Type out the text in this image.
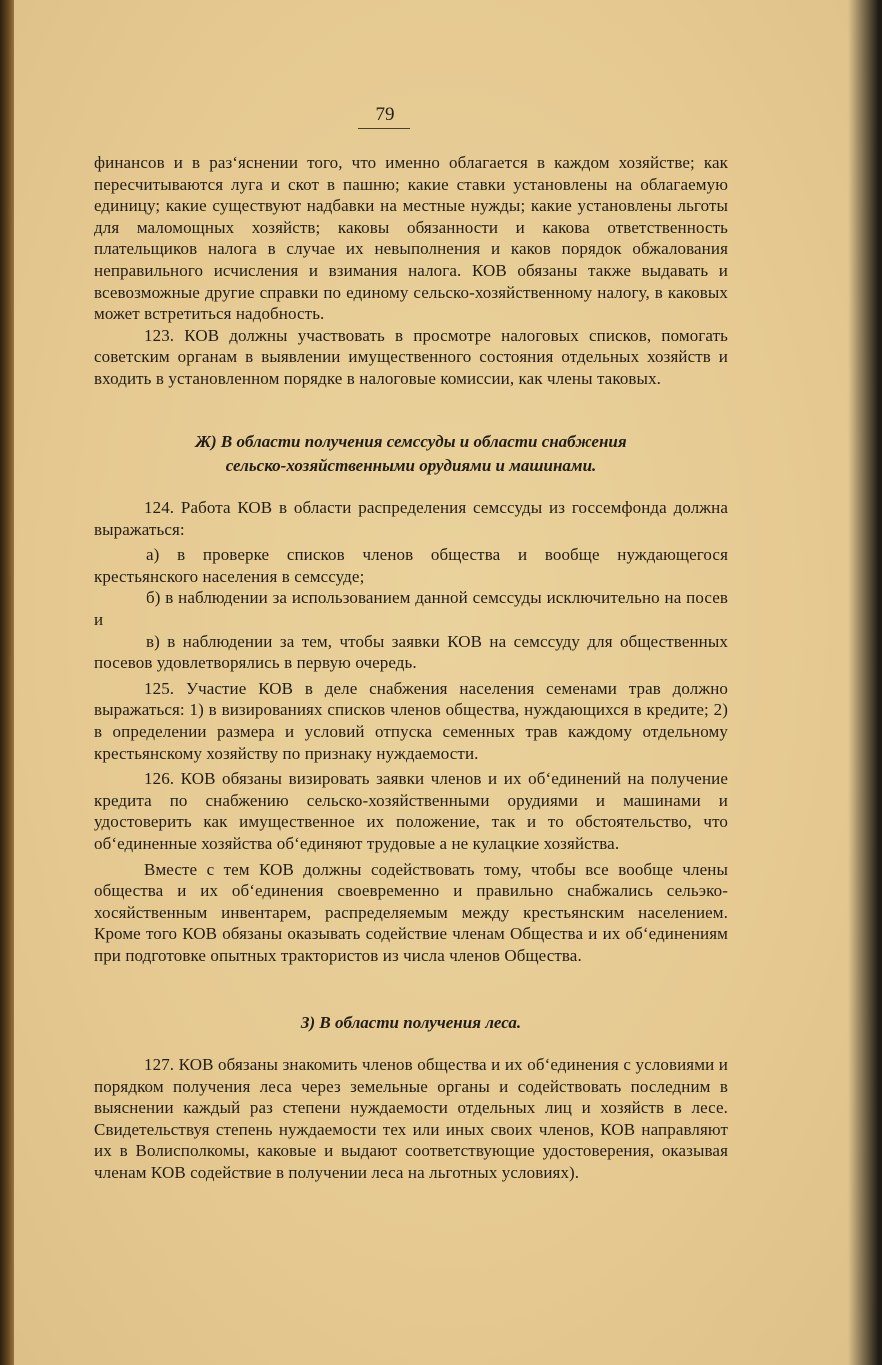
79

финансов и в раз‘яснении того, что именно облагается в каждом хозяйстве; как пересчитываются луга и скот в пашню; какие ставки установлены на облагаемую единицу; какие существуют надбавки на местные нужды; какие установлены льготы для маломощных хозяйств; каковы обязанности и какова ответственность плательщиков налога в случае их невыполнения и каков порядок обжалования неправильного исчисления и взимания налога. КОВ обязаны также выдавать и всевозможные другие справки по единому сельско-хозяйственному налогу, в каковых может встретиться надобность.

123. КОВ должны участвовать в просмотре налоговых списков, помогать советским органам в выявлении имущественного состояния отдельных хозяйств и входить в установленном порядке в налоговые комиссии, как члены таковых.

Ж) В области получения семссуды и области снабжения
сельско-хозяйственными орудиями и машинами.

124. Работа КОВ в области распределения семссуды из госсемфонда должна выражаться:

а) в проверке списков членов общества и вообще нуждающегося крестьянского населения в семссуде;

б) в наблюдении за использованием данной семссуды исключительно на посев и

в) в наблюдении за тем, чтобы заявки КОВ на семссуду для общественных посевов удовлетворялись в первую очередь.

125. Участие КОВ в деле снабжения населения семенами трав должно выражаться: 1) в визированиях списков членов общества, нуждающихся в кредите; 2) в определении размера и условий отпуска семенных трав каждому отдельному крестьянскому хозяйству по признаку нуждаемости.

126. КОВ обязаны визировать заявки членов и их об‘единений на получение кредита по снабжению сельско-хозяйственными орудиями и машинами и удостоверить как имущественное их положение, так и то обстоятельство, что об‘единенные хозяйства об‘единяют трудовые а не кулацкие хозяйства.

Вместе с тем КОВ должны содействовать тому, чтобы все вообще члены общества и их об‘единения своевременно и правильно снабжались сельэко-хосяйственным инвентарем, распределяемым между крестьянским населением. Кроме того КОВ обязаны оказывать содействие членам Общества и их об‘единениям при подготовке опытных трактористов из числа членов Общества.

З) В области получения леса.

127. КОВ обязаны знакомить членов общества и их об‘единения с условиями и порядком получения леса через земельные органы и содействовать последним в выяснении каждый раз степени нуждаемости отдельных лиц и хозяйств в лесе. Свидетельствуя степень нуждаемости тех или иных своих членов, КОВ направляют их в Волисполкомы, каковые и выдают соответствующие удостоверения, оказывая членам КОВ содействие в получении леса на льготных условиях).
